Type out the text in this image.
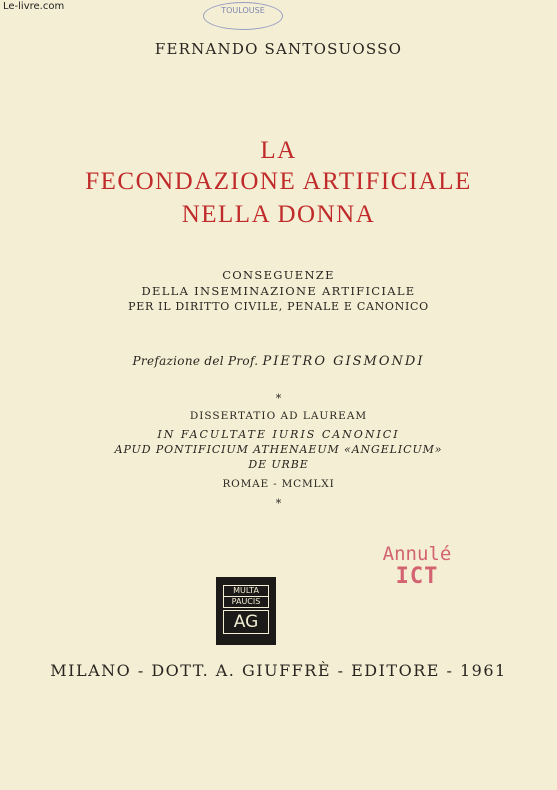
Le-livre.com	TOULOUSE
FERNANDO SANTOSUOSSO
LA
FECONDAZIONE ARTIFICIALE
NELLA DONNA
CONSEGUENZE
DELLA INSEMINAZIONE ARTIFICIALE
PER IL DIRITTO CIVILE, PENALE E CANONICO
Prefazione del Prof. PIETRO GISMONDI
*
DISSERTATIO AD LAUREAM
IN FACULTATE IURIS CANONICI
APUD PONTIFICIUM ATHENAEUM «ANGELICUM»
DE URBE
ROMAE - MCMLXI
*
Annulé
ICT
MULTA
PAUCIS
AG
MILANO - DOTT. A. GIUFFRÈ - EDITORE - 1961
